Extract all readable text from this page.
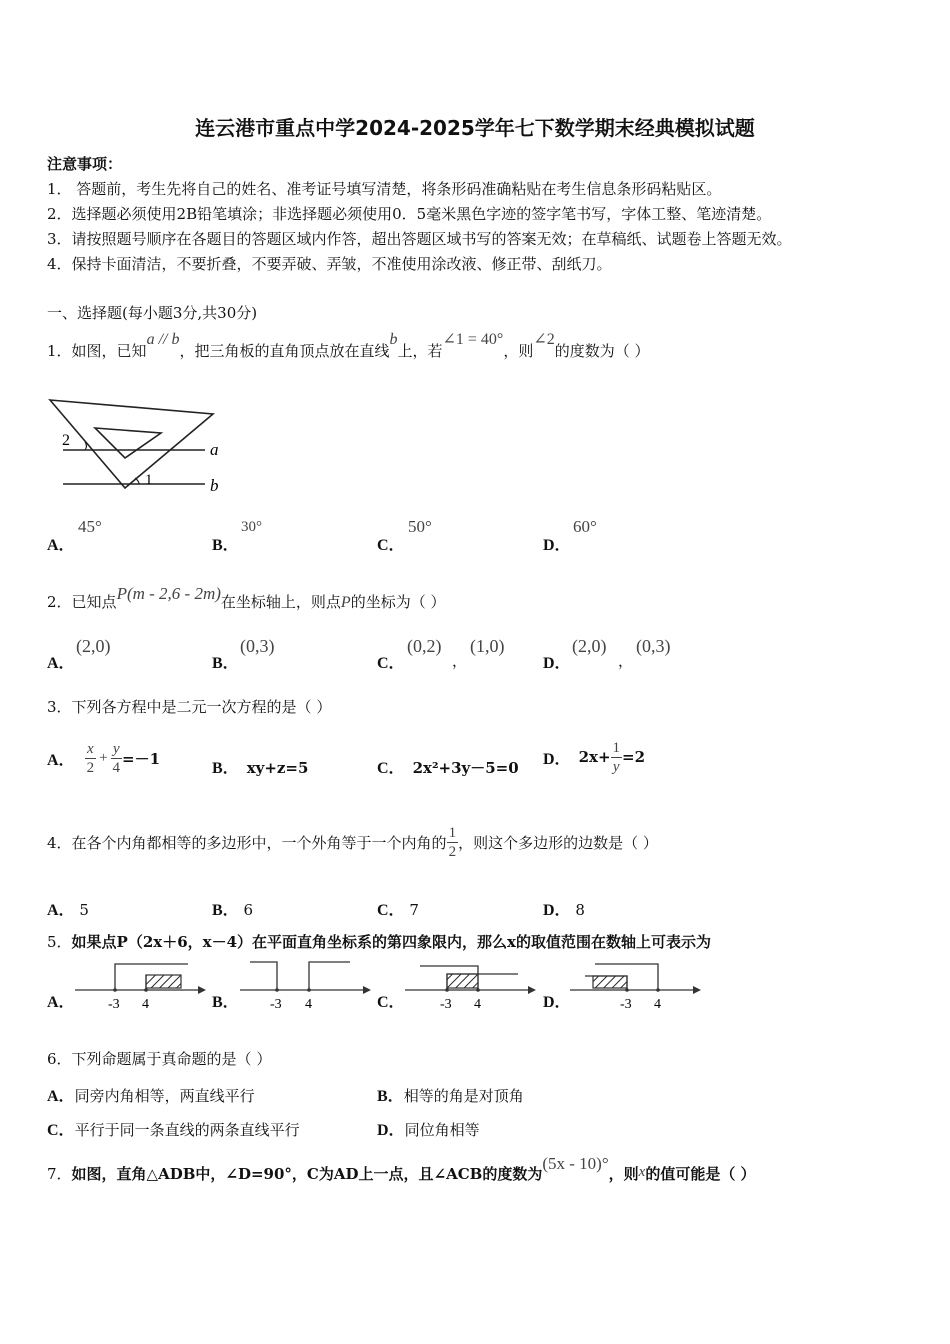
连云港市重点中学2024-2025学年七下数学期末经典模拟试题
注意事项：
1． 答题前，考生先将自己的姓名、准考证号填写清楚，将条形码准确粘贴在考生信息条形码粘贴区。
2．选择题必须使用2B铅笔填涂；非选择题必须使用0．5毫米黑色字迹的签字笔书写，字体工整、笔迹清楚。
3．请按照题号顺序在各题目的答题区域内作答，超出答题区域书写的答案无效；在草稿纸、试题卷上答题无效。
4．保持卡面清洁，不要折叠，不要弄破、弄皱，不准使用涂改液、修正带、刮纸刀。
一、选择题(每小题3分,共30分)
1．如图，已知a // b，把三角板的直角顶点放在直线b上，若∠1 = 40°，则∠2的度数为（ ）
2
1
a
b
A．
45°
B．
30°
C．
50°
D．
60°
2．已知点P(m - 2,6 - 2m)在坐标轴上，则点P的坐标为（ ）
A．
(2,0)
B．
(0,3)
C．
(0,2)
，
(1,0)
D．
(2,0)
，
(0,3)
3．下列各方程中是二元一次方程的是（ ）
A． $\frac{x}{2} + \frac{y}{4} =-1$
B． xy+z=5	C． 2x²+3y－5=0 D． $2x+ \frac{1}{y} =2$
4． 在各个内角都相等的多边形中，一个外角等于一个内角的 $\frac{1}{2}$ ，则这个多边形的边数是（ ）
A． 5	B． 6	C． 7	D． 8
5．如果点P（2x＋6，x－4）在平面直角坐标系的第四象限内，那么x的取值范围在数轴上可表示为
A． -3 4	B． -3 4	C．	-3 4	D．	-3 4
6．下列命题属于真命题的是（ ）
A．同旁内角相等，两直线平行	B．相等的角是对顶角
C．平行于同一条直线的两条直线平行	D．同位角相等
7．如图，直角△ADB中，∠D=90°，C为AD上一点，且∠ACB的度数为(5x - 10)°，则x的值可能是（ ）
